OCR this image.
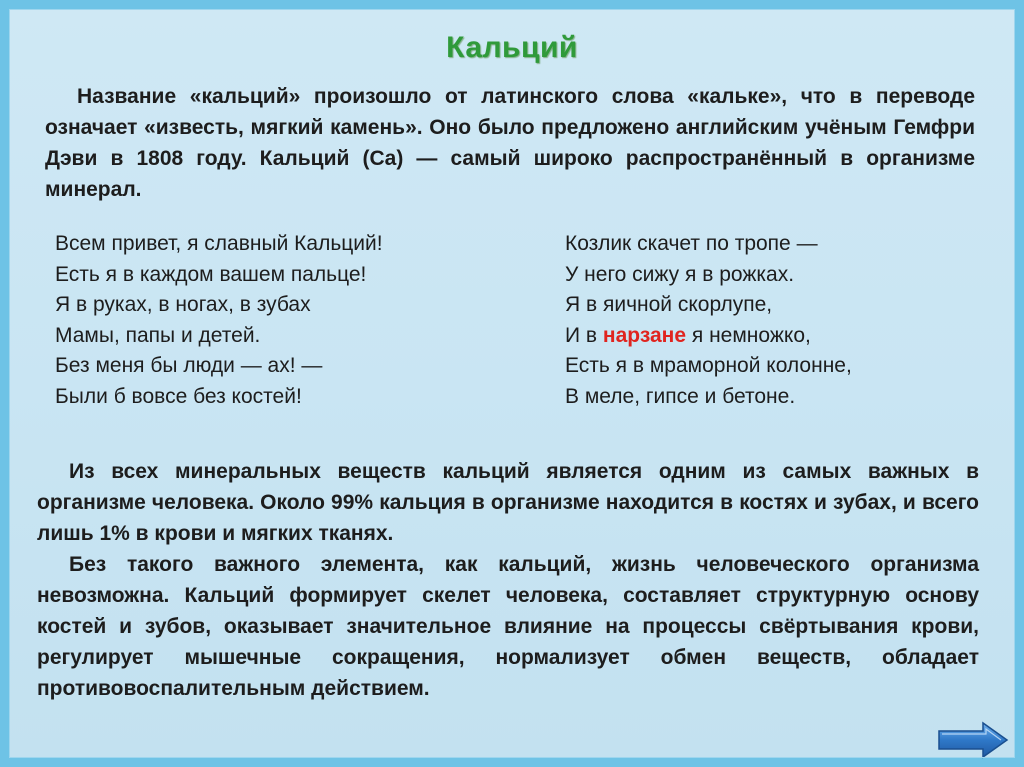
Кальций
Название «кальций» произошло от латинского слова «кальке», что в переводе означает «известь, мягкий камень». Оно было предложено английским учёным Гемфри Дэви в 1808 году. Кальций (Ca) — самый широко распространённый в организме минерал.
Всем привет, я славный Кальций!
Есть я в каждом вашем пальце!
Я в руках, в ногах, в зубах
Мамы, папы и детей.
Без меня бы люди — ах! —
Были б вовсе без костей!
Козлик скачет по тропе —
У него сижу я в рожках.
Я в яичной скорлупе,
И в нарзане я немножко,
Есть я в мраморной колонне,
В меле, гипсе и бетоне.
Из всех минеральных веществ кальций является одним из самых важных в организме человека. Около 99% кальция в организме находится в костях и зубах, и всего лишь 1% в крови и мягких тканях.
Без такого важного элемента, как кальций, жизнь человеческого организма невозможна. Кальций формирует скелет человека, составляет структурную основу костей и зубов, оказывает значительное влияние на процессы свёртывания крови, регулирует мышечные сокращения, нормализует обмен веществ, обладает противовоспалительным действием.
